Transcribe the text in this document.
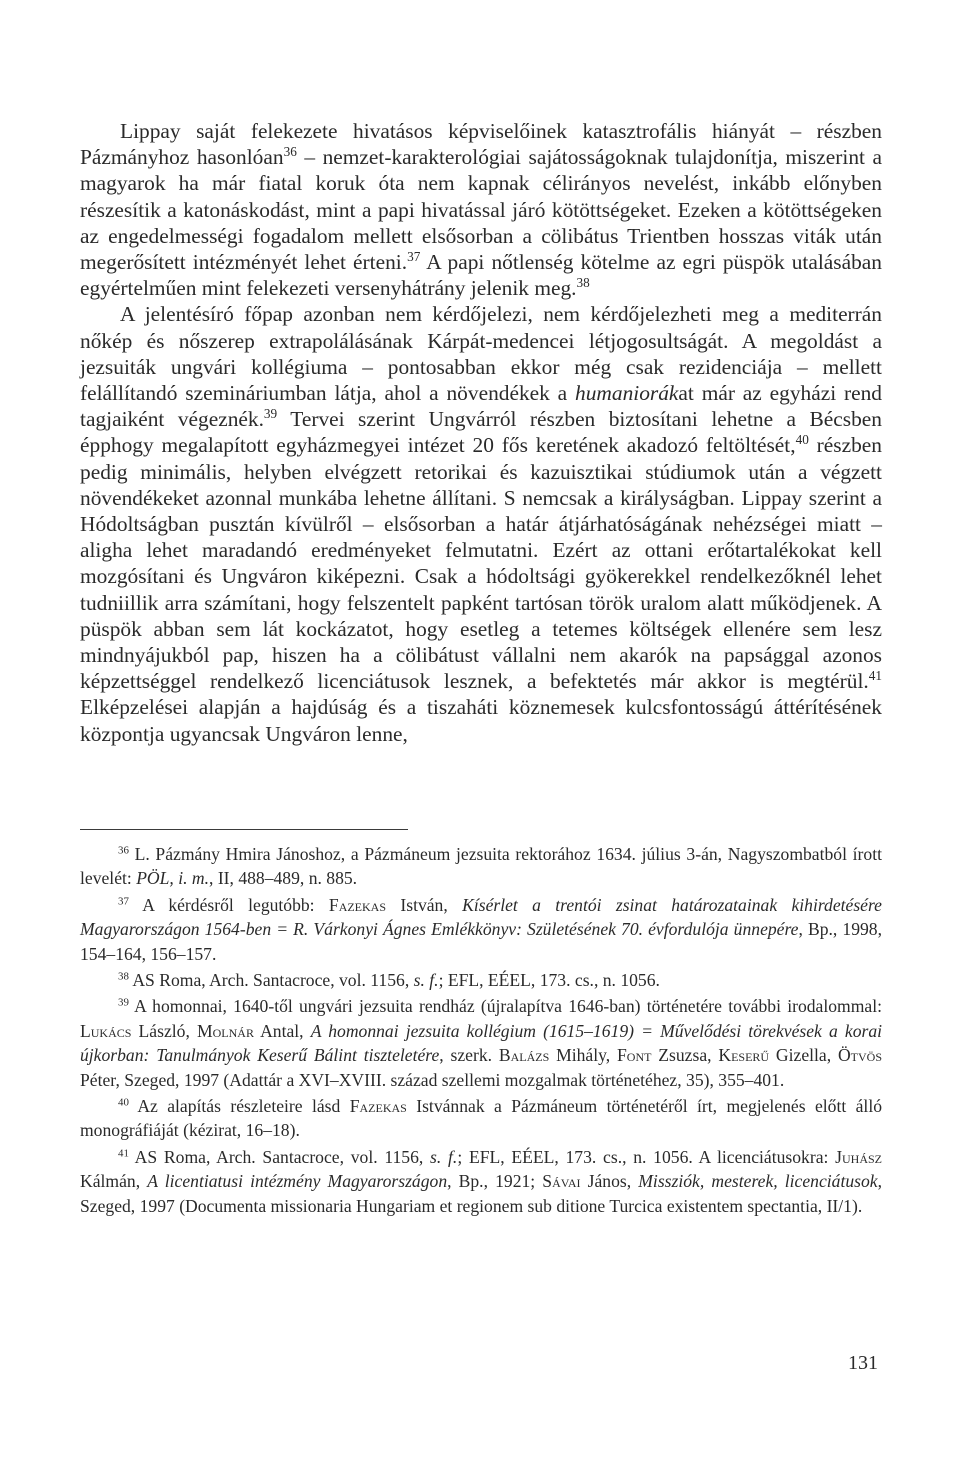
Lippay saját felekezete hivatásos képviselőinek katasztrofális hiányát – részben Pázmányhoz hasonlóan$^{36}$ – nemzet-karakterológiai sajátosságoknak tulajdonítja, miszerint a magyarok ha már fiatal koruk óta nem kapnak célirányos nevelést, inkább előnyben részesítik a katonáskodást, mint a papi hivatással járó kötöttségeket. Ezeken a kötöttségeken az engedelmességi fogadalom mellett elsősorban a cölibátus Trientben hosszas viták után megerősített intézményét lehet érteni.$^{37}$ A papi nőtlenség kötelme az egri püspök utalásában egyértelműen mint felekezeti versenyhátrány jelenik meg.$^{38}$

A jelentésíró főpap azonban nem kérdőjelezi, nem kérdőjelezheti meg a mediterrán nőkép és nőszerep extrapolálásának Kárpát-medencei létjogosultságát. A megoldást a jezsuiták ungvári kollégiuma – pontosabban ekkor még csak rezidenciája – mellett felállítandó szemináriumban látja, ahol a növendékek a humaniorákat már az egyházi rend tagjaiként végeznék.$^{39}$ Tervei szerint Ungvárról részben biztosítani lehetne a Bécsben épphogy megalapított egyházmegyei intézet 20 fős keretének akadozó feltöltését,$^{40}$ részben pedig minimális, helyben elvégzett retorikai és kazuisztikai stúdiumok után a végzett növendékeket azonnal munkába lehetne állítani. S nemcsak a királyságban. Lippay szerint a Hódoltságban pusztán kívülről – elsősorban a határ átjárhatóságának nehézségei miatt – aligha lehet maradandó eredményeket felmutatni. Ezért az ottani erőtartalékokat kell mozgósítani és Ungváron kiképezni. Csak a hódoltsági gyökerekkel rendelkezőknél lehet tudniillik arra számítani, hogy felszentelt papként tartósan török uralom alatt működjenek. A püspök abban sem lát kockázatot, hogy esetleg a tetemes költségek ellenére sem lesz mindnyájukból pap, hiszen ha a cölibátust vállalni nem akarók na papsággal azonos képzettséggel rendelkező licenciátusok lesznek, a befektetés már akkor is megtérül.$^{41}$ Elképzelései alapján a hajdúság és a tiszaháti köznemesek kulcsfontosságú áttérítésének központja ugyancsak Ungváron lenne,

$^{36}$ L. Pázmány Hmira Jánoshoz, a Pázmáneum jezsuita rektorához 1634. július 3-án, Nagyszombatból írott levelét: PÖL, i. m., II, 488–489, n. 885.

$^{37}$ A kérdésről legutóbb: Fazekas István, Kísérlet a trentói zsinat határozatainak kihirdetésére Magyarországon 1564-ben = R. Várkonyi Ágnes Emlékkönyv: Születésének 70. évfordulója ünnepére, Bp., 1998, 154–164, 156–157.

$^{38}$ AS Roma, Arch. Santacroce, vol. 1156, s. f.; EFL, EÉEL, 173. cs., n. 1056.

$^{39}$ A homonnai, 1640-től ungvári jezsuita rendház (újralapítva 1646-ban) történetére további irodalommal: Lukács László, Molnár Antal, A homonnai jezsuita kollégium (1615–1619) = Művelődési törekvések a korai újkorban: Tanulmányok Keserű Bálint tiszteletére, szerk. Balázs Mihály, Font Zsuzsa, Keserű Gizella, Ötvös Péter, Szeged, 1997 (Adattár a XVI–XVIII. század szellemi mozgalmak történetéhez, 35), 355–401.

$^{40}$ Az alapítás részleteire lásd Fazekas Istvánnak a Pázmáneum történetéről írt, megjelenés előtt álló monográfiáját (kézirat, 16–18).

$^{41}$ AS Roma, Arch. Santacroce, vol. 1156, s. f.; EFL, EÉEL, 173. cs., n. 1056. A licenciátusokra: Juhász Kálmán, A licentiatusi intézmény Magyarországon, Bp., 1921; Sávai János, Missziók, mesterek, licenciátusok, Szeged, 1997 (Documenta missionaria Hungariam et regionem sub ditione Turcica existentem spectantia, II/1).

131
